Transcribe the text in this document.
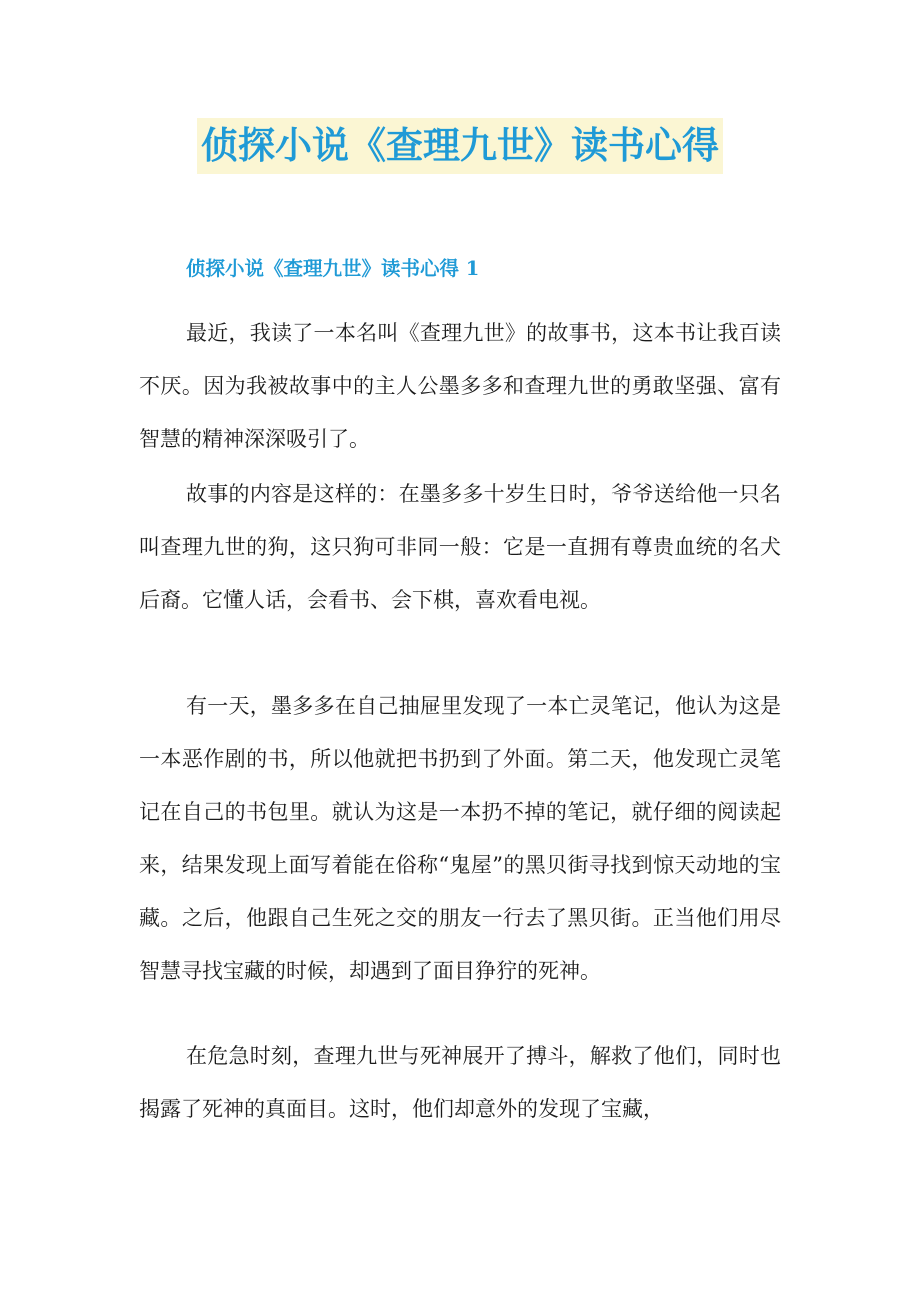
侦探小说《查理九世》读书心得
侦探小说《查理九世》读书心得 1

最近，我读了一本名叫《查理九世》的故事书，这本书让我百读不厌。因为我被故事中的主人公墨多多和查理九世的勇敢坚强、富有智慧的精神深深吸引了。

故事的内容是这样的：在墨多多十岁生日时，爷爷送给他一只名叫查理九世的狗，这只狗可非同一般：它是一直拥有尊贵血统的名犬后裔。它懂人话，会看书、会下棋，喜欢看电视。

有一天，墨多多在自己抽屉里发现了一本亡灵笔记，他认为这是一本恶作剧的书，所以他就把书扔到了外面。第二天，他发现亡灵笔记在自己的书包里。就认为这是一本扔不掉的笔记，就仔细的阅读起来，结果发现上面写着能在俗称“鬼屋”的黑贝街寻找到惊天动地的宝藏。之后，他跟自己生死之交的朋友一行去了黑贝街。正当他们用尽智慧寻找宝藏的时候，却遇到了面目狰狞的死神。

在危急时刻，查理九世与死神展开了搏斗，解救了他们，同时也揭露了死神的真面目。这时，他们却意外的发现了宝藏，
